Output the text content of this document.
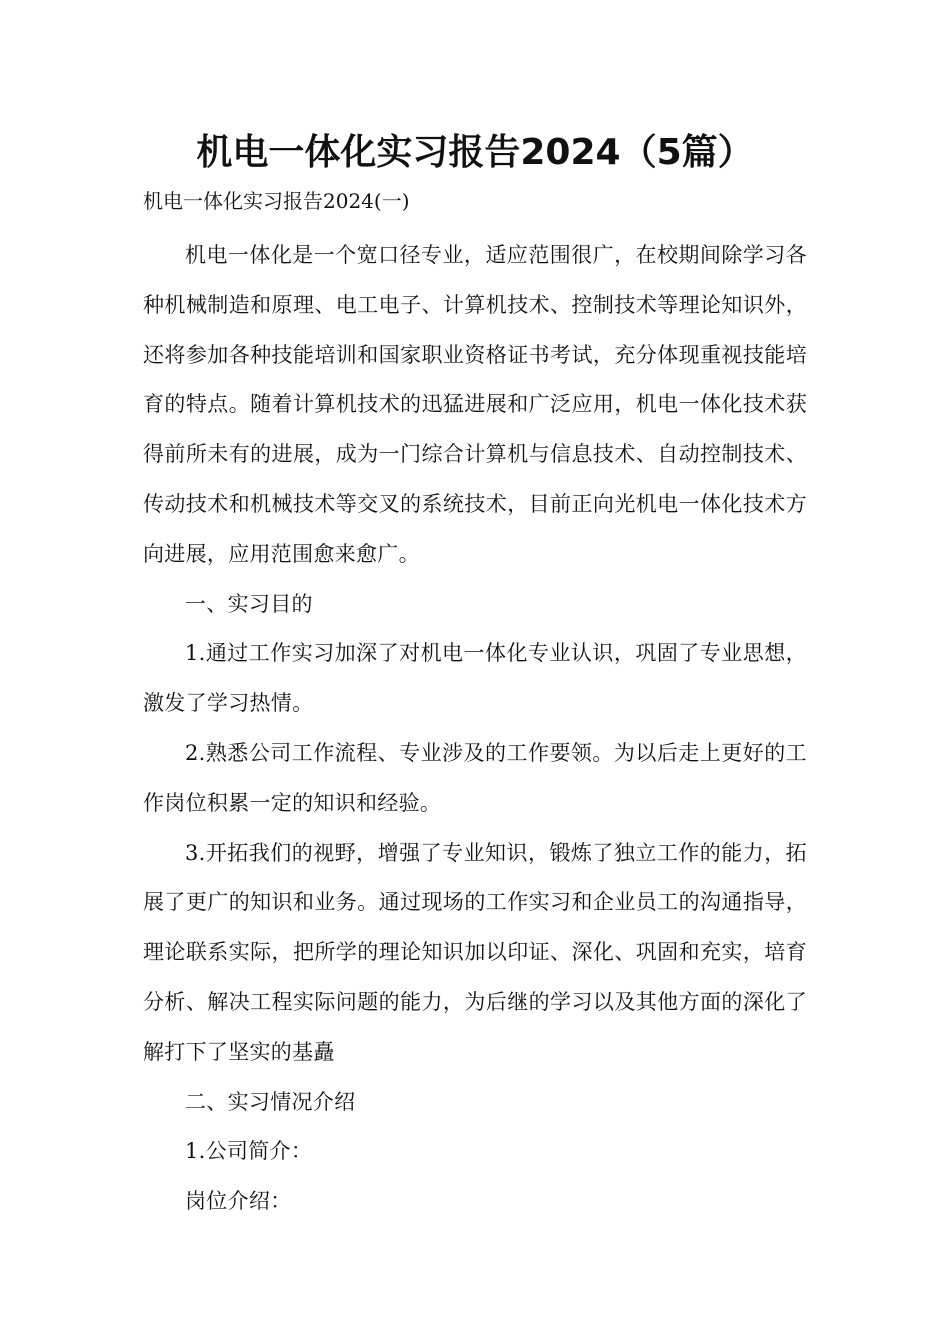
机电一体化实习报告2024（5篇）
机电一体化实习报告2024(一)

机电一体化是一个宽口径专业，适应范围很广，在校期间除学习各种机械制造和原理、电工电子、计算机技术、控制技术等理论知识外，还将参加各种技能培训和国家职业资格证书考试，充分体现重视技能培育的特点。随着计算机技术的迅猛进展和广泛应用，机电一体化技术获得前所未有的进展，成为一门综合计算机与信息技术、自动控制技术、传动技术和机械技术等交叉的系统技术，目前正向光机电一体化技术方向进展，应用范围愈来愈广。

一、实习目的

1.通过工作实习加深了对机电一体化专业认识，巩固了专业思想，激发了学习热情。

2.熟悉公司工作流程、专业涉及的工作要领。为以后走上更好的工作岗位积累一定的知识和经验。

3.开拓我们的视野，增强了专业知识，锻炼了独立工作的能力，拓展了更广的知识和业务。通过现场的工作实习和企业员工的沟通指导，理论联系实际，把所学的理论知识加以印证、深化、巩固和充实，培育分析、解决工程实际问题的能力，为后继的学习以及其他方面的深化了解打下了坚实的基矗

二、实习情况介绍

1.公司简介：

岗位介绍：
